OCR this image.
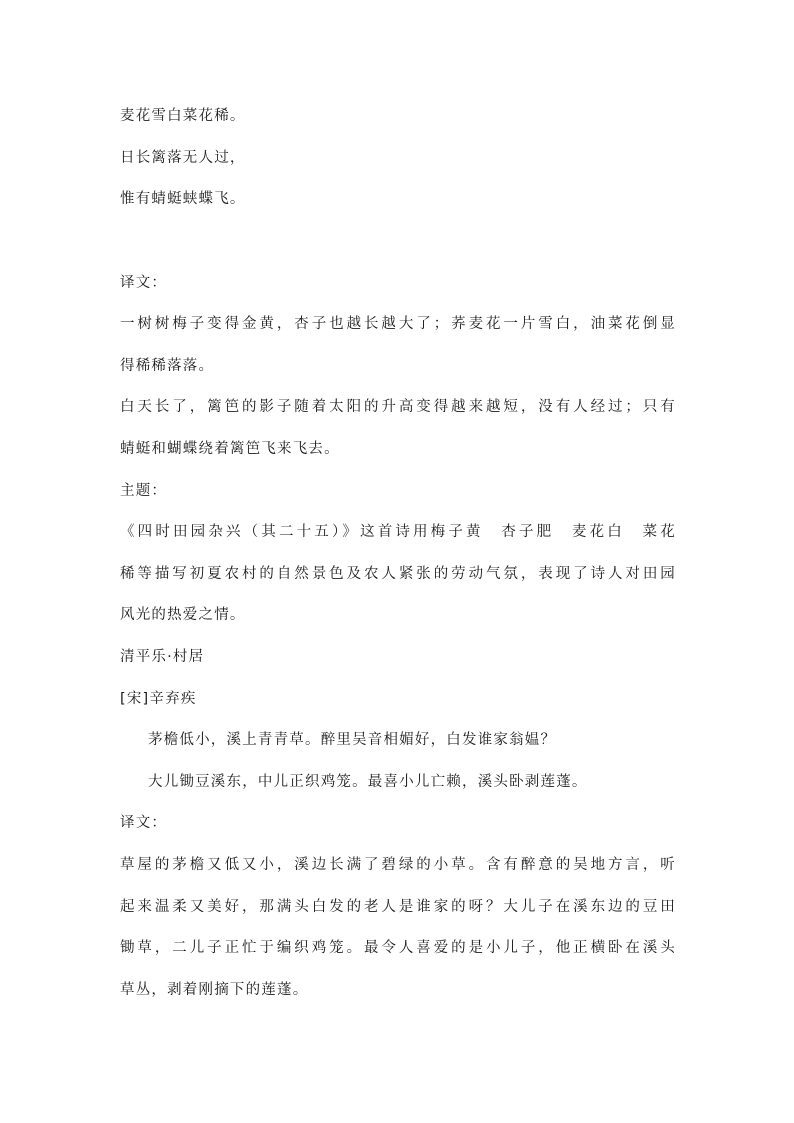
麦花雪白菜花稀。
日长篱落无人过，
惟有蜻蜓蛱蝶飞。
译文：
一树树梅子变得金黄，杏子也越长越大了；荞麦花一片雪白，油菜花倒显
得稀稀落落。
白天长了，篱笆的影子随着太阳的升高变得越来越短，没有人经过；只有
蜻蜓和蝴蝶绕着篱笆飞来飞去。
主题：
《四时田园杂兴（其二十五）》这首诗用梅子黄　杏子肥　麦花白　菜花
稀等描写初夏农村的自然景色及农人紧张的劳动气氛，表现了诗人对田园
风光的热爱之情。
清平乐·村居
[宋]辛弃疾
茅檐低小，溪上青青草。醉里吴音相媚好，白发谁家翁媪？
大儿锄豆溪东，中儿正织鸡笼。最喜小儿亡赖，溪头卧剥莲蓬。
译文：
草屋的茅檐又低又小，溪边长满了碧绿的小草。含有醉意的吴地方言，听
起来温柔又美好，那满头白发的老人是谁家的呀？大儿子在溪东边的豆田
锄草，二儿子正忙于编织鸡笼。最令人喜爱的是小儿子，他正横卧在溪头
草丛，剥着刚摘下的莲蓬。
